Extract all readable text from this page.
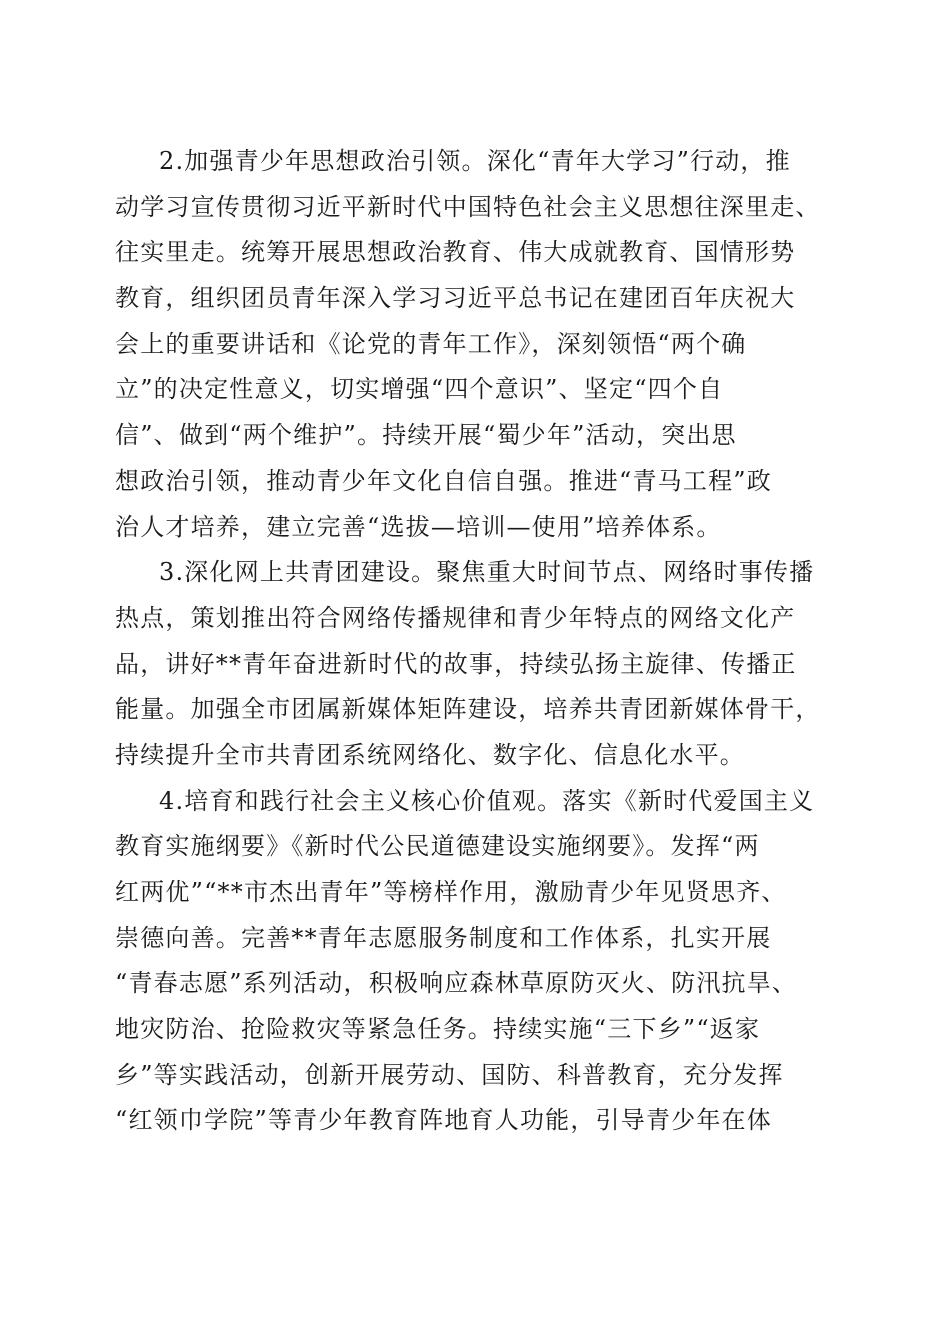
2.加强青少年思想政治引领。深化“青年大学习”行动，推
动学习宣传贯彻习近平新时代中国特色社会主义思想往深里走、
往实里走。统筹开展思想政治教育、伟大成就教育、国情形势
教育，组织团员青年深入学习习近平总书记在建团百年庆祝大
会上的重要讲话和《论党的青年工作》，深刻领悟“两个确
立”的决定性意义，切实增强“四个意识”、坚定“四个自
信”、做到“两个维护”。持续开展“蜀少年”活动，突出思
想政治引领，推动青少年文化自信自强。推进“青马工程”政
治人才培养，建立完善“选拔—培训—使用”培养体系。
3.深化网上共青团建设。聚焦重大时间节点、网络时事传播
热点，策划推出符合网络传播规律和青少年特点的网络文化产
品，讲好**青年奋进新时代的故事，持续弘扬主旋律、传播正
能量。加强全市团属新媒体矩阵建设，培养共青团新媒体骨干，
持续提升全市共青团系统网络化、数字化、信息化水平。
4.培育和践行社会主义核心价值观。落实《新时代爱国主义
教育实施纲要》《新时代公民道德建设实施纲要》。发挥“两
红两优”“**市杰出青年”等榜样作用，激励青少年见贤思齐、
崇德向善。完善**青年志愿服务制度和工作体系，扎实开展
“青春志愿”系列活动，积极响应森林草原防灭火、防汛抗旱、
地灾防治、抢险救灾等紧急任务。持续实施“三下乡”“返家
乡”等实践活动，创新开展劳动、国防、科普教育，充分发挥
“红领巾学院”等青少年教育阵地育人功能，引导青少年在体
